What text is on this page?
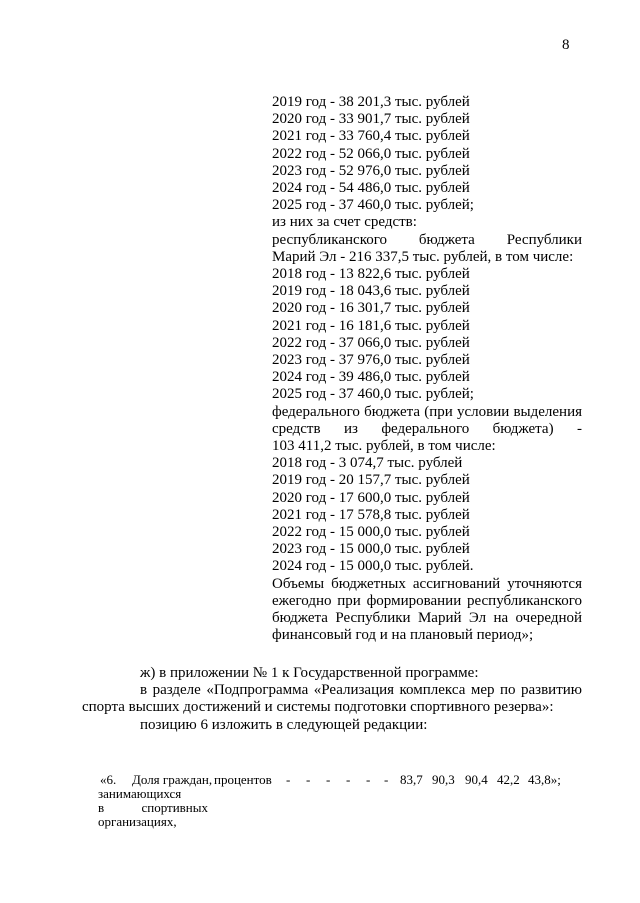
8
2019 год - 38 201,3 тыс. рублей
2020 год - 33 901,7 тыс. рублей
2021 год - 33 760,4 тыс. рублей
2022 год - 52 066,0 тыс. рублей
2023 год - 52 976,0 тыс. рублей
2024 год - 54 486,0 тыс. рублей
2025 год - 37 460,0 тыс. рублей;
из них за счет средств:
республиканского бюджета Республики
Марий Эл - 216 337,5 тыс. рублей, в том числе:
2018 год - 13 822,6 тыс. рублей
2019 год - 18 043,6 тыс. рублей
2020 год - 16 301,7 тыс. рублей
2021 год - 16 181,6 тыс. рублей
2022 год - 37 066,0 тыс. рублей
2023 год - 37 976,0 тыс. рублей
2024 год - 39 486,0 тыс. рублей
2025 год - 37 460,0 тыс. рублей;
федерального бюджета (при условии выделения
средств из федерального бюджета) -
103 411,2 тыс. рублей, в том числе:
2018 год - 3 074,7 тыс. рублей
2019 год - 20 157,7 тыс. рублей
2020 год - 17 600,0 тыс. рублей
2021 год - 17 578,8 тыс. рублей
2022 год - 15 000,0 тыс. рублей
2023 год - 15 000,0 тыс. рублей
2024 год - 15 000,0 тыс. рублей.
Объемы бюджетных ассигнований уточняются
ежегодно при формировании республиканского
бюджета Республики Марий Эл на очередной
финансовый год и на плановый период»;
ж) в приложении № 1 к Государственной программе:
в разделе «Подпрограмма «Реализация комплекса мер по развитию спорта высших достижений и системы подготовки спортивного резерва»:
позицию 6 изложить в следующей редакции:
«6. Доля граждан,
занимающихся
в спортивных
организациях,
процентов - - - - - - 83,7 90,3 90,4 42,2 43,8»;
